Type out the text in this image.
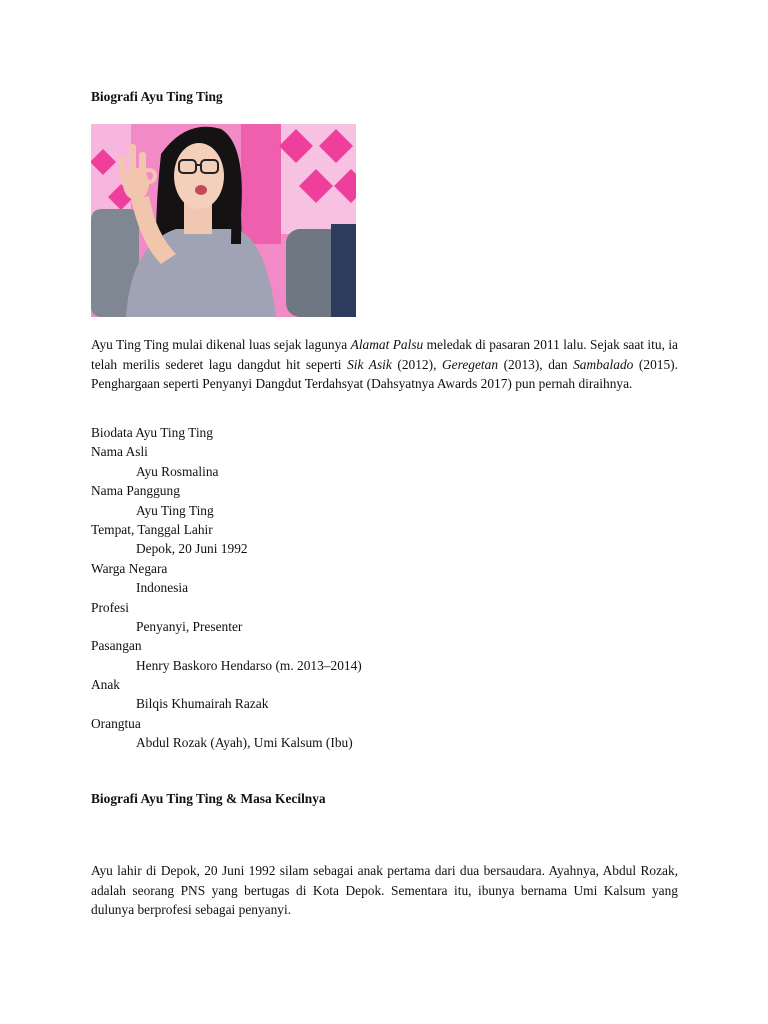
Biografi Ayu Ting Ting

Ayu Ting Ting mulai dikenal luas sejak lagunya Alamat Palsu meledak di pasaran 2011 lalu. Sejak saat itu, ia telah merilis sederet lagu dangdut hit seperti Sik Asik (2012), Geregetan (2013), dan Sambalado (2015). Penghargaan seperti Penyanyi Dangdut Terdahsyat (Dahsyatnya Awards 2017) pun pernah diraihnya.

Biodata Ayu Ting Ting
Nama Asli
Ayu Rosmalina
Nama Panggung
Ayu Ting Ting
Tempat, Tanggal Lahir
Depok, 20 Juni 1992
Warga Negara
Indonesia
Profesi
Penyanyi, Presenter
Pasangan
Henry Baskoro Hendarso (m. 2013–2014)
Anak
Bilqis Khumairah Razak
Orangtua
Abdul Rozak (Ayah), Umi Kalsum (Ibu)
Biografi Ayu Ting Ting & Masa Kecilnya

Ayu lahir di Depok, 20 Juni 1992 silam sebagai anak pertama dari dua bersaudara. Ayahnya, Abdul Rozak, adalah seorang PNS yang bertugas di Kota Depok. Sementara itu, ibunya bernama Umi Kalsum yang dulunya berprofesi sebagai penyanyi.
